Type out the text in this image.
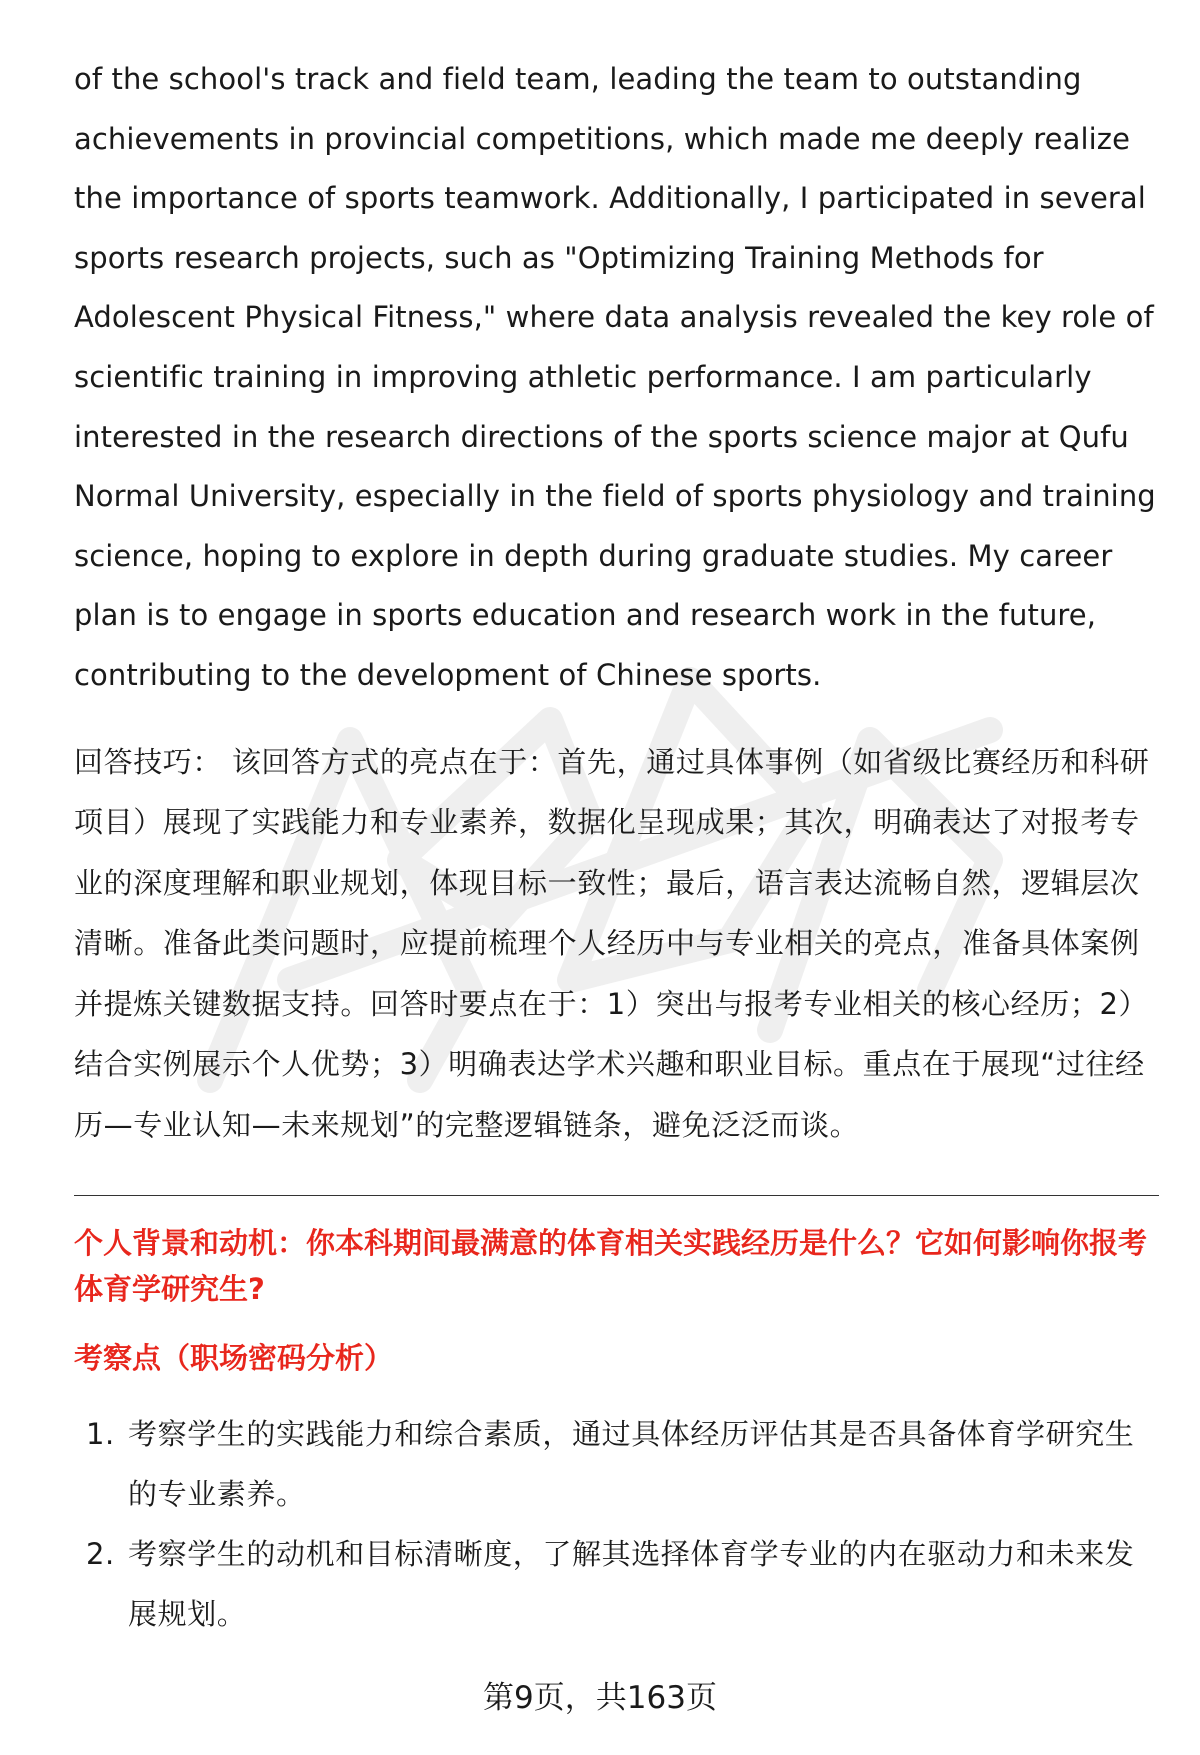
of the school's track and field team, leading the team to outstanding achievements in provincial competitions, which made me deeply realize the importance of sports teamwork. Additionally, I participated in several sports research projects, such as "Optimizing Training Methods for Adolescent Physical Fitness," where data analysis revealed the key role of scientific training in improving athletic performance. I am particularly interested in the research directions of the sports science major at Qufu Normal University, especially in the field of sports physiology and training science, hoping to explore in depth during graduate studies. My career plan is to engage in sports education and research work in the future, contributing to the development of Chinese sports.

回答技巧： 该回答方式的亮点在于：首先，通过具体事例（如省级比赛经历和科研项目）展现了实践能力和专业素养，数据化呈现成果；其次，明确表达了对报考专业的深度理解和职业规划，体现目标一致性；最后，语言表达流畅自然，逻辑层次清晰。准备此类问题时，应提前梳理个人经历中与专业相关的亮点，准备具体案例并提炼关键数据支持。回答时要点在于：1）突出与报考专业相关的核心经历；2）结合实例展示个人优势；3）明确表达学术兴趣和职业目标。重点在于展现“过往经历—专业认知—未来规划”的完整逻辑链条，避免泛泛而谈。

个人背景和动机：你本科期间最满意的体育相关实践经历是什么？它如何影响你报考体育学研究生?
考察点（职场密码分析）
1. 考察学生的实践能力和综合素质，通过具体经历评估其是否具备体育学研究生的专业素养。
2. 考察学生的动机和目标清晰度，了解其选择体育学专业的内在驱动力和未来发展规划。
第9页，共163页
